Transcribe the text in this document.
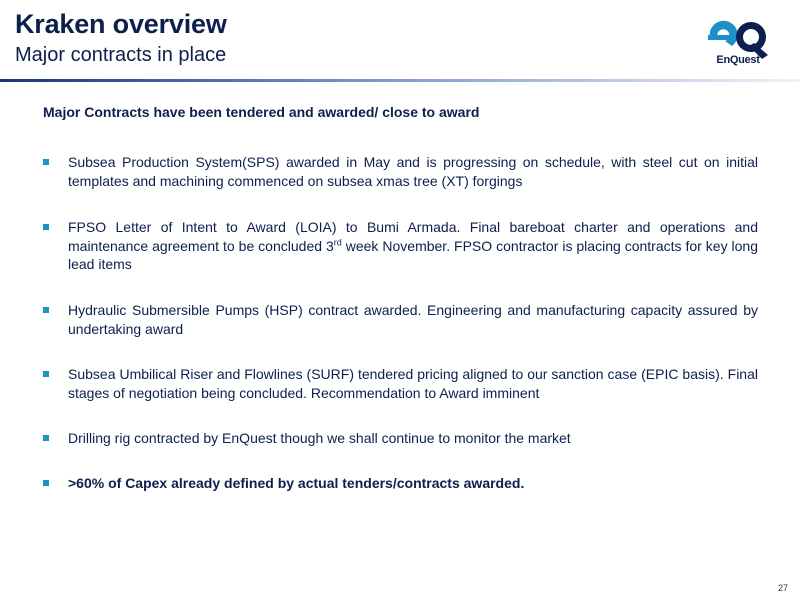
Kraken overview
Major contracts in place	EnQuest
Major Contracts have been tendered and awarded/ close to award
Subsea Production System(SPS) awarded in May and is progressing on schedule, with steel cut on initial templates and machining commenced on subsea xmas tree (XT) forgings
FPSO Letter of Intent to Award (LOIA) to Bumi Armada. Final bareboat charter and operations and maintenance agreement to be concluded 3rd week November. FPSO contractor is placing contracts for key long lead items
Hydraulic Submersible Pumps (HSP) contract awarded. Engineering and manufacturing capacity assured by undertaking award
Subsea Umbilical Riser and Flowlines (SURF) tendered pricing aligned to our sanction case (EPIC basis). Final stages of negotiation being concluded. Recommendation to Award imminent
Drilling rig contracted by EnQuest though we shall continue to monitor the market
>60% of Capex already defined by actual tenders/contracts awarded.
27
